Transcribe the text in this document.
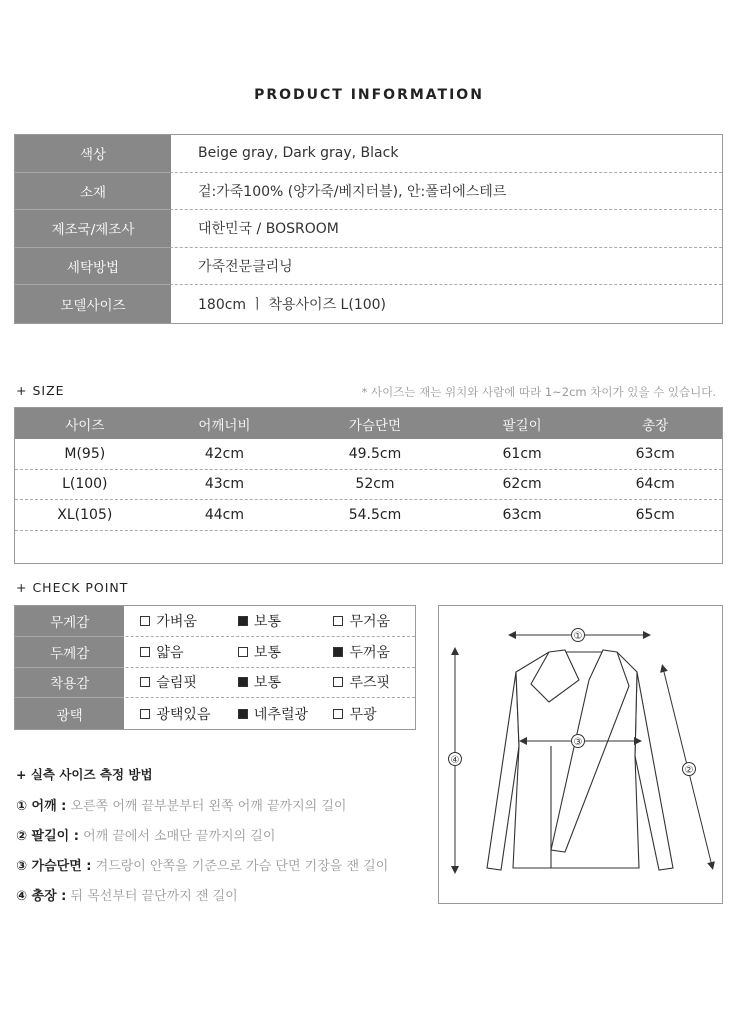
PRODUCT INFORMATION
색상	Beige gray, Dark gray, Black
소재	겉:가죽100% (양가죽/베지터블), 안:폴리에스테르
제조국/제조사	대한민국 / BOSROOM
세탁방법	가죽전문클리닝
모델사이즈	180cm ㅣ 착용사이즈 L(100)
+ SIZE	* 사이즈는 재는 위치와 사람에 따라 1~2cm 차이가 있을 수 있습니다.
사이즈	어깨너비	가슴단면	팔길이	총장
M(95)	42cm	49.5cm	61cm	63cm
L(100)	43cm	52cm	62cm	64cm
XL(105)	44cm	54.5cm	63cm	65cm
+ CHECK POINT
무게감	가벼움	보통	무거움
두께감	얇음	보통	두꺼움
착용감	슬림핏	보통	루즈핏
광택	광택있음	네추럴광	무광
+ 실측 사이즈 측정 방법
① 어깨 : 오른쪽 어깨 끝부분부터 왼쪽 어깨 끝까지의 길이
② 팔길이 : 어깨 끝에서 소매단 끝까지의 길이
③ 가슴단면 : 겨드랑이 안쪽을 기준으로 가슴 단면 기장을 잰 길이
④ 총장 : 뒤 목선부터 끝단까지 잰 길이
①
②
③
④
